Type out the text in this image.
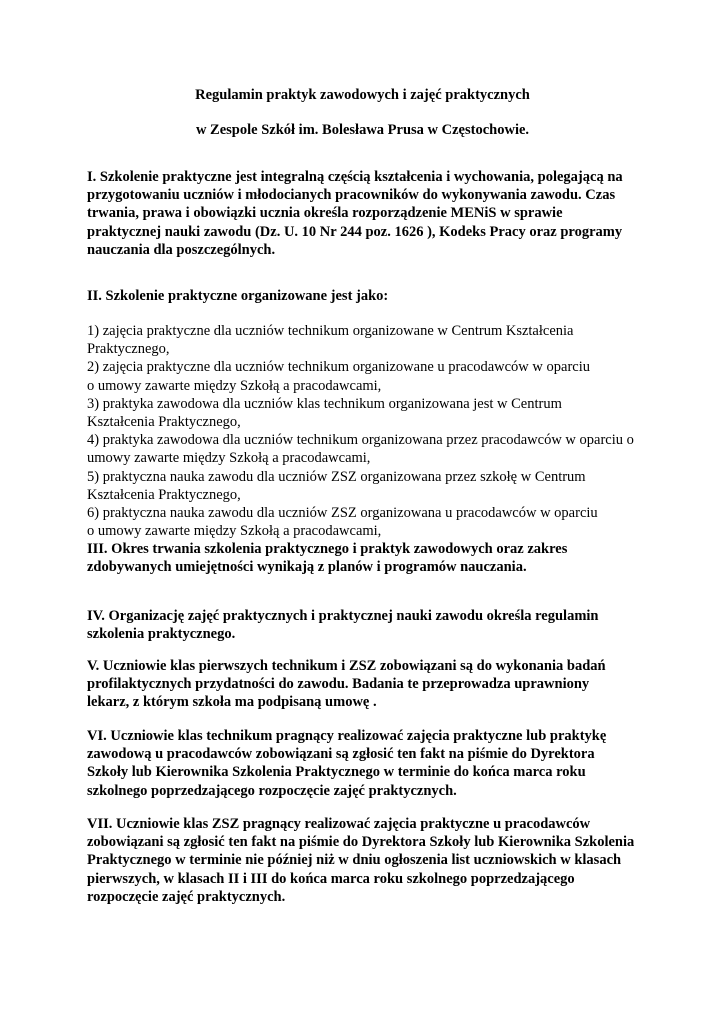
Regulamin praktyk zawodowych i zajęć praktycznych
w Zespole Szkół im. Bolesława Prusa w Częstochowie.
I. Szkolenie praktyczne jest integralną częścią kształcenia i wychowania, polegającą na
przygotowaniu uczniów i młodocianych pracowników do wykonywania zawodu. Czas
trwania, prawa i obowiązki ucznia określa rozporządzenie MENiS w sprawie
praktycznej nauki zawodu (Dz. U. 10 Nr 244 poz. 1626 ), Kodeks Pracy oraz programy
nauczania dla poszczególnych.
II. Szkolenie praktyczne organizowane jest jako:
1) zajęcia praktyczne dla uczniów technikum organizowane w Centrum Kształcenia
Praktycznego,
2) zajęcia praktyczne dla uczniów technikum organizowane u pracodawców w oparciu
o umowy zawarte między Szkołą a pracodawcami,
3) praktyka zawodowa dla uczniów klas technikum organizowana jest w Centrum
Kształcenia Praktycznego,
4) praktyka zawodowa dla uczniów technikum organizowana przez pracodawców w oparciu o
umowy zawarte między Szkołą a pracodawcami,
5) praktyczna nauka zawodu dla uczniów ZSZ organizowana przez szkołę w Centrum
Kształcenia Praktycznego,
6) praktyczna nauka zawodu dla uczniów ZSZ organizowana u pracodawców w oparciu
o umowy zawarte między Szkołą a pracodawcami,
III. Okres trwania szkolenia praktycznego i praktyk zawodowych oraz zakres
zdobywanych umiejętności wynikają z planów i programów nauczania.
IV. Organizację zajęć praktycznych i praktycznej nauki zawodu określa regulamin
szkolenia praktycznego.
V. Uczniowie klas pierwszych technikum i ZSZ zobowiązani są do wykonania badań
profilaktycznych przydatności do zawodu. Badania te przeprowadza uprawniony
lekarz, z którym szkoła ma podpisaną umowę .
VI. Uczniowie klas technikum pragnący realizować zajęcia praktyczne lub praktykę
zawodową u pracodawców zobowiązani są zgłosić ten fakt na piśmie do Dyrektora
Szkoły lub Kierownika Szkolenia Praktycznego w terminie do końca marca roku
szkolnego poprzedzającego rozpoczęcie zajęć praktycznych.
VII. Uczniowie klas ZSZ pragnący realizować zajęcia praktyczne u pracodawców
zobowiązani są zgłosić ten fakt na piśmie do Dyrektora Szkoły lub Kierownika Szkolenia
Praktycznego w terminie nie później niż w dniu ogłoszenia list uczniowskich w klasach
pierwszych, w klasach II i III do końca marca roku szkolnego poprzedzającego
rozpoczęcie zajęć praktycznych.
